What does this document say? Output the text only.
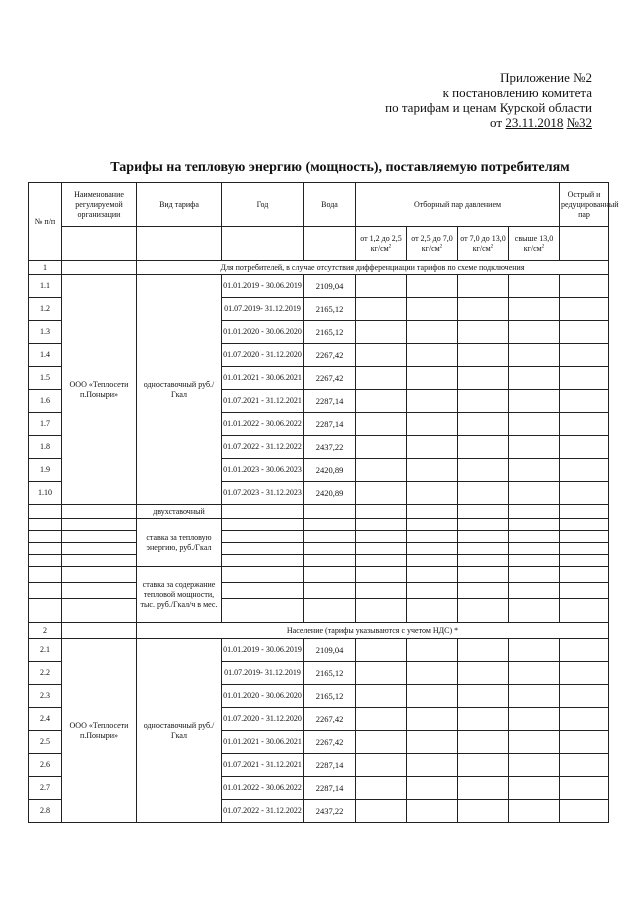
Приложение №2
к постановлению комитета
по тарифам и ценам Курской области
от 23.11.2018 №32
Тарифы на тепловую энергию (мощность), поставляемую потребителям
№ п/п	Наименование регулируемой организации	Вид тарифа	Год	Вода	Отборный пар давлением				Острый и редуцированный пар
					от 1,2 до 2,5 $кг/см^2$	от 2,5 до 7,0 $кг/см^2$	от 7,0 до 13,0 $кг/см^2$	свыше 13,0 $кг/см^2$	
1		Для потребителей, в случае отсутствия дифференциации тарифов по схеме подключения							
1.1	ООО «Теплосети п.Поныри»	одноставочный руб./Гкал	01.01.2019 - 30.06.2019	2109,04					
1.2			01.07.2019- 31.12.2019	2165,12					
1.3			01.01.2020 - 30.06.2020	2165,12					
1.4			01.07.2020 - 31.12.2020	2267,42					
1.5			01.01.2021 - 30.06.2021	2267,42					
1.6			01.07.2021 - 31.12.2021	2287,14					
1.7			01.01.2022 - 30.06.2022	2287,14					
1.8			01.07.2022 - 31.12.2022	2437,22					
1.9			01.01.2023 - 30.06.2023	2420,89					
1.10			01.07.2023 - 31.12.2023	2420,89					
		двухставочный							
		ставка за тепловую энергию, руб./Гкал							

		ставка за содержание тепловой мощности, тыс. руб./Гкал/ч в мес.							

2		Население (тарифы указываются с учетом НДС) *							
2.1	ООО «Теплосети п.Поныри»	одноставочный руб./Гкал	01.01.2019 - 30.06.2019	2109,04					
2.2			01.07.2019- 31.12.2019	2165,12					
2.3			01.01.2020 - 30.06.2020	2165,12					
2.4			01.07.2020 - 31.12.2020	2267,42					
2.5			01.01.2021 - 30.06.2021	2267,42					
2.6			01.07.2021 - 31.12.2021	2287,14					
2.7			01.01.2022 - 30.06.2022	2287,14					
2.8			01.07.2022 - 31.12.2022	2437,22					
